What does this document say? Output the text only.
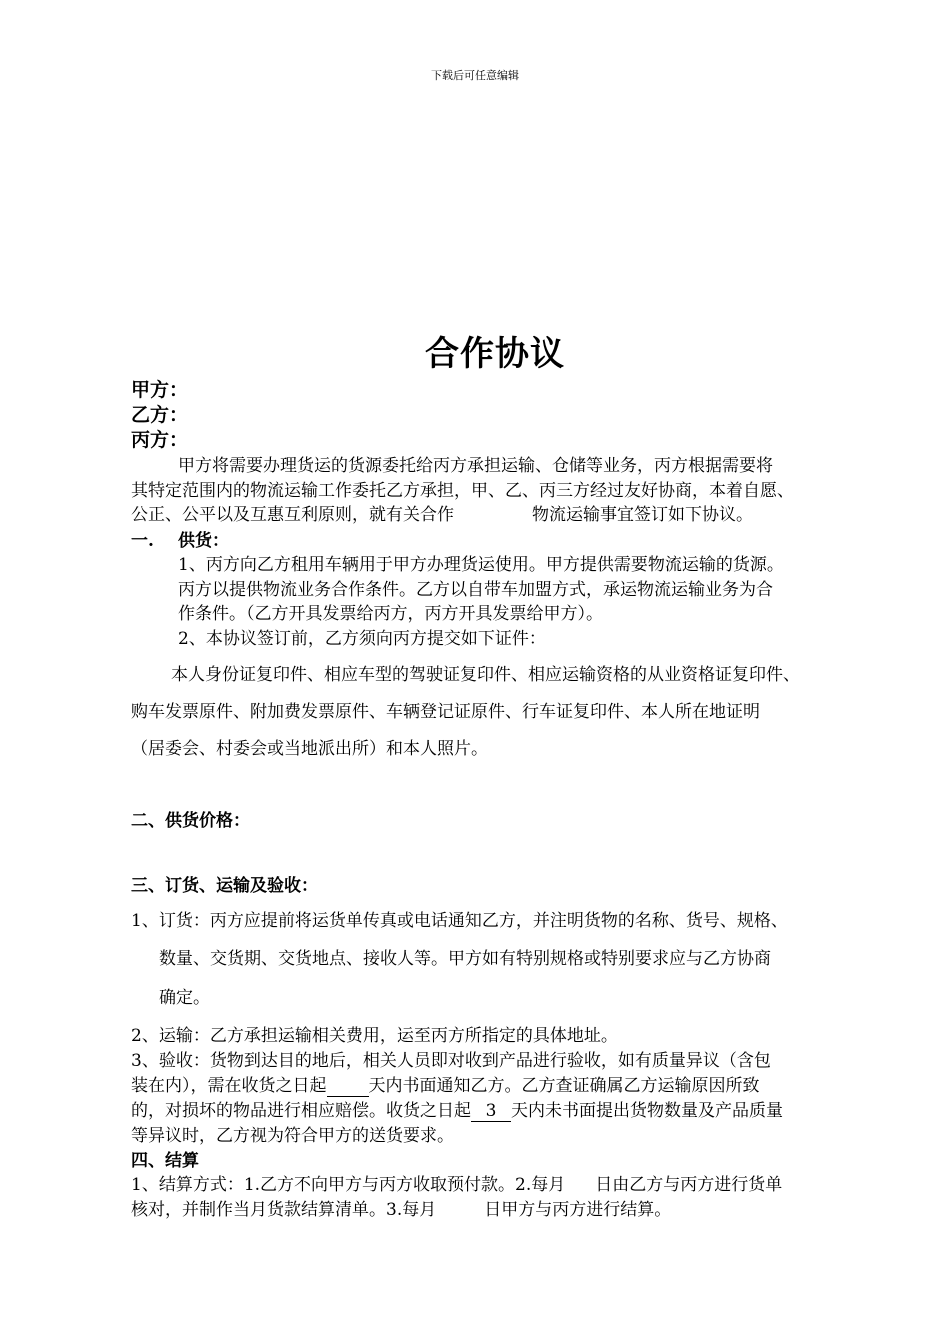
下载后可任意编辑
合作协议
甲方：
乙方：
丙方：
甲方将需要办理货运的货源委托给丙方承担运输、仓储等业务，丙方根据需要将
其特定范围内的物流运输工作委托乙方承担，甲、乙、丙三方经过友好协商，本着自愿、
公正、公平以及互惠互利原则，就有关合作	物流运输事宜签订如下协议。
一. 供货：
1、丙方向乙方租用车辆用于甲方办理货运使用。甲方提供需要物流运输的货源。
丙方以提供物流业务合作条件。乙方以自带车加盟方式，承运物流运输业务为合
作条件。（乙方开具发票给丙方，丙方开具发票给甲方）。
2、本协议签订前，乙方须向丙方提交如下证件：
本人身份证复印件、相应车型的驾驶证复印件、相应运输资格的从业资格证复印件、
购车发票原件、附加费发票原件、车辆登记证原件、行车证复印件、本人所在地证明
（居委会、村委会或当地派出所）和本人照片。
二、供货价格：
三、订货、运输及验收：
1、订货：丙方应提前将运货单传真或电话通知乙方，并注明货物的名称、货号、规格、
数量、交货期、交货地点、接收人等。甲方如有特别规格或特别要求应与乙方协商
确定。
2、运输：乙方承担运输相关费用，运至丙方所指定的具体地址。
3、验收：货物到达目的地后，相关人员即对收到产品进行验收，如有质量异议（含包
装在内），需在收货之日起 天内书面通知乙方。乙方查证确属乙方运输原因所致
的，对损坏的物品进行相应赔偿。收货之日起 3 天内未书面提出货物数量及产品质量
等异议时，乙方视为符合甲方的送货要求。
四、结算
1、结算方式：1.乙方不向甲方与丙方收取预付款。2.每月 日由乙方与丙方进行货单
核对，并制作当月货款结算清单。3.每月	日甲方与丙方进行结算。
